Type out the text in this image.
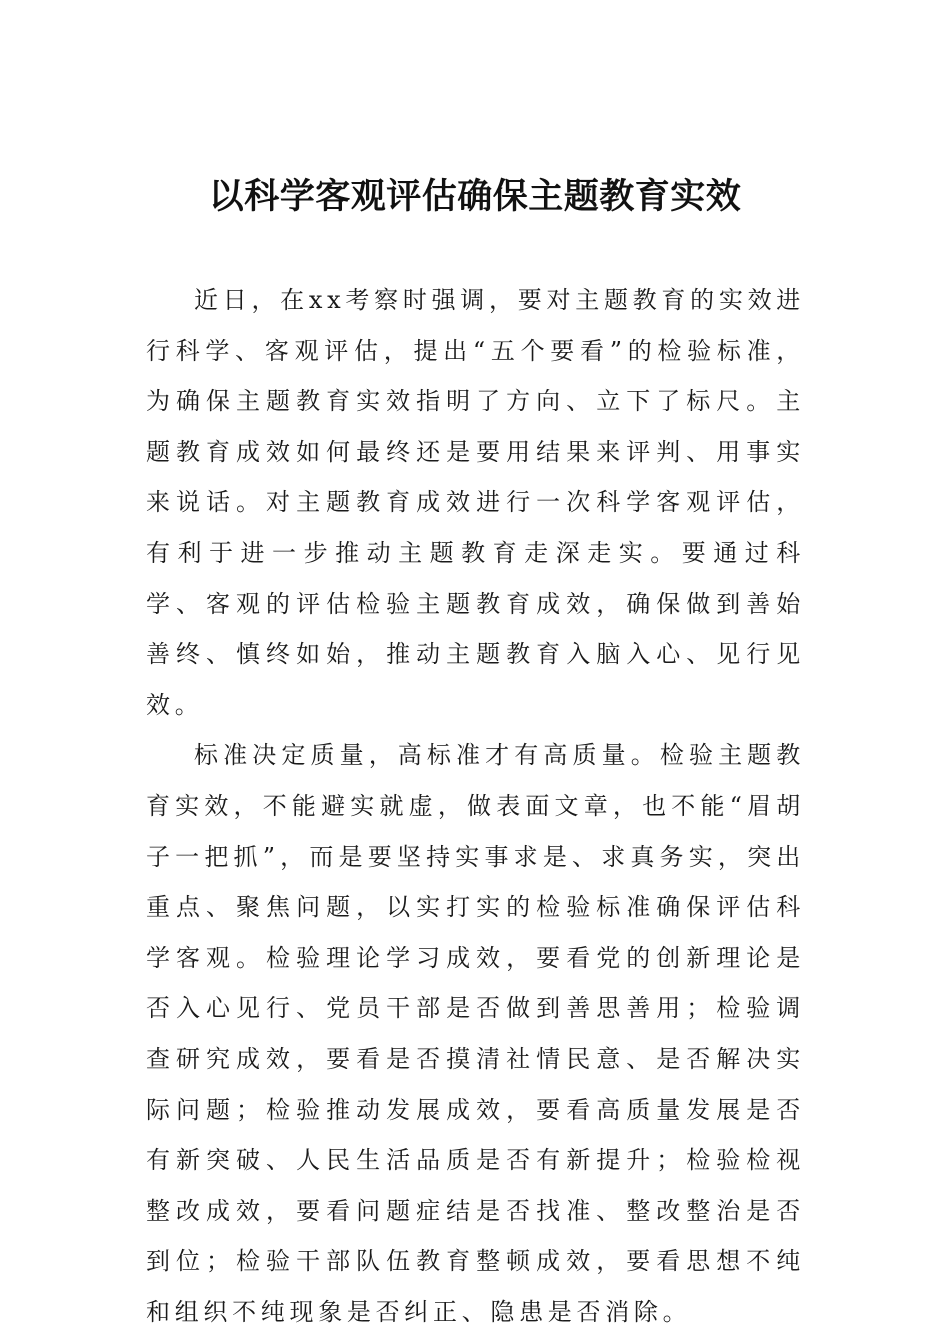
以科学客观评估确保主题教育实效

近日，在xx考察时强调，要对主题教育的实效进行科学、客观评估，提出“五个要看”的检验标准，为确保主题教育实效指明了方向、立下了标尺。主题教育成效如何最终还是要用结果来评判、用事实来说话。对主题教育成效进行一次科学客观评估，有利于进一步推动主题教育走深走实。要通过科学、客观的评估检验主题教育成效，确保做到善始善终、慎终如始，推动主题教育入脑入心、见行见效。

标准决定质量，高标准才有高质量。检验主题教育实效，不能避实就虚，做表面文章，也不能“眉胡子一把抓”，而是要坚持实事求是、求真务实，突出重点、聚焦问题，以实打实的检验标准确保评估科学客观。检验理论学习成效，要看党的创新理论是否入心见行、党员干部是否做到善思善用；检验调查研究成效，要看是否摸清社情民意、是否解决实际问题；检验推动发展成效，要看高质量发展是否有新突破、人民生活品质是否有新提升；检验检视整改成效，要看问题症结是否找准、整改整治是否到位；检验干部队伍教育整顿成效，要看思想不纯和组织不纯现象是否纠正、隐患是否消除。
